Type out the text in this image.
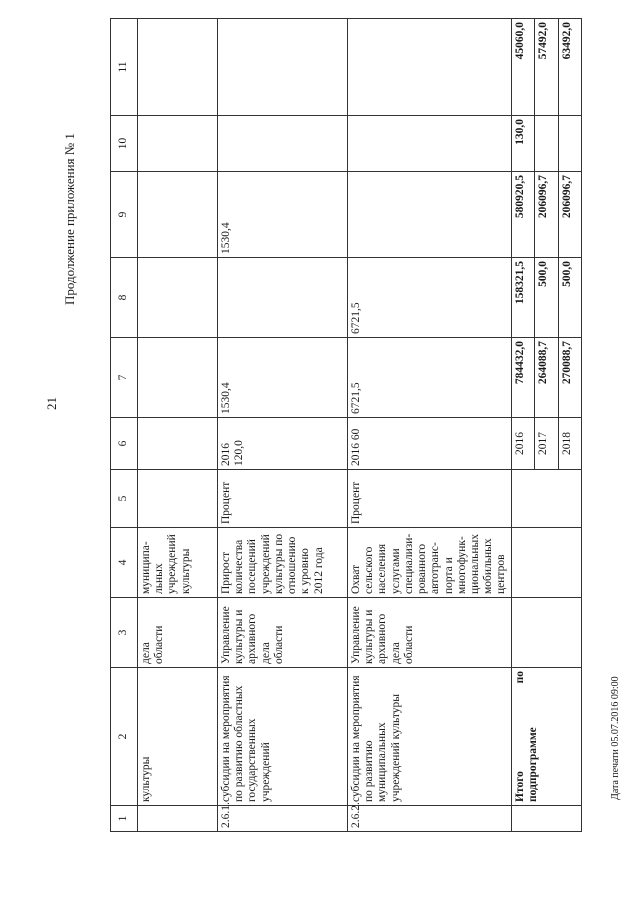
21
Продолжение приложения № 1
Дата печати 05.07.2016 09:00
1	2	3	4	5	6	7	8	9	10	11
	культуры	дела области	муниципа-льных учреждений культуры							
2.6.1.	субсидии на мероприятия по развитию областных государственных учреждений	Управление культуры и архивного дела области	Прирост количества посещений учреждений культуры по отношению к уровню 2012 года	Процент	2016 120,0	1530,4		1530,4		
2.6.2.	субсидии на мероприятия по развитию муниципальных учреждений культуры	Управление культуры и архивного дела области	Охват сельского населения услугами специализи-рованного автотранс-порта и многофунк-циональных мобильных центров	Процент	2016 60	6721,5	6721,5			
	Итого
по

подпрограмме				2016	784432,0	158321,5	580920,5	130,0	45060,0
					2017	264088,7	500,0	206096,7		57492,0
					2018	270088,7	500,0	206096,7		63492,0
